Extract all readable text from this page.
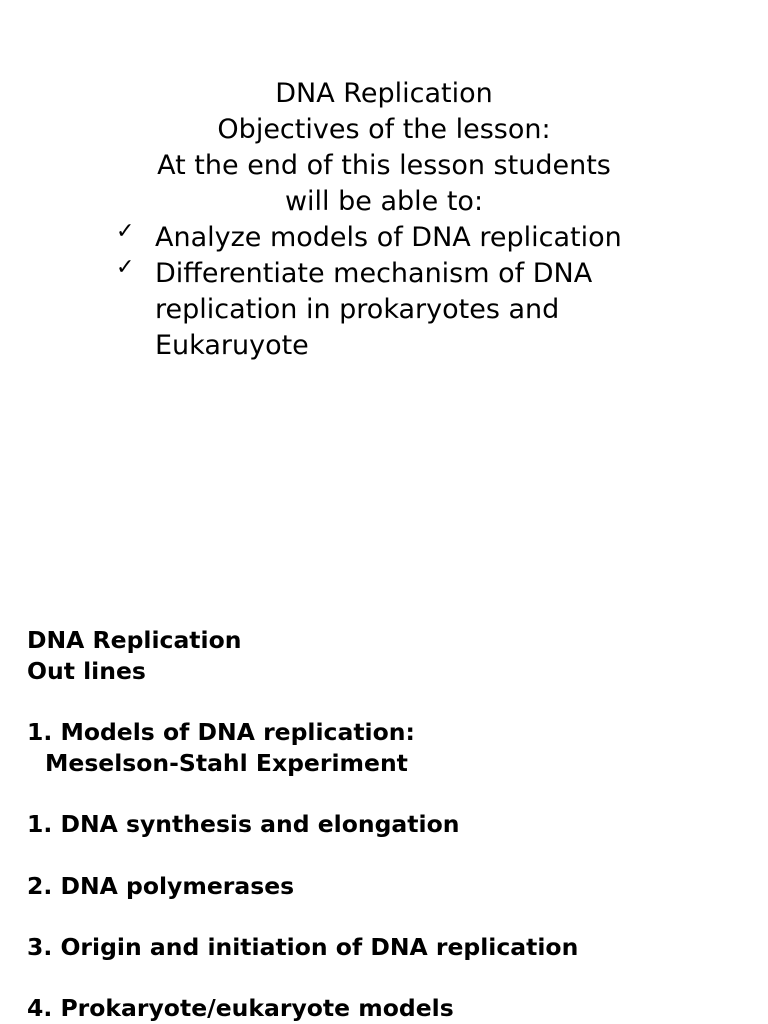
DNA Replication

Objectives of the lesson:

At the end of this lesson students

will be able to:

✓ Analyze models of DNA replication
✓ Differentiate mechanism of DNA
replication in prokaryotes and
Eukaruyote

DNA Replication

Out lines

1. Models of DNA replication:

Meselson-Stahl Experiment

1. DNA synthesis and elongation

2. DNA polymerases

3. Origin and initiation of DNA replication

4. Prokaryote/eukaryote models
